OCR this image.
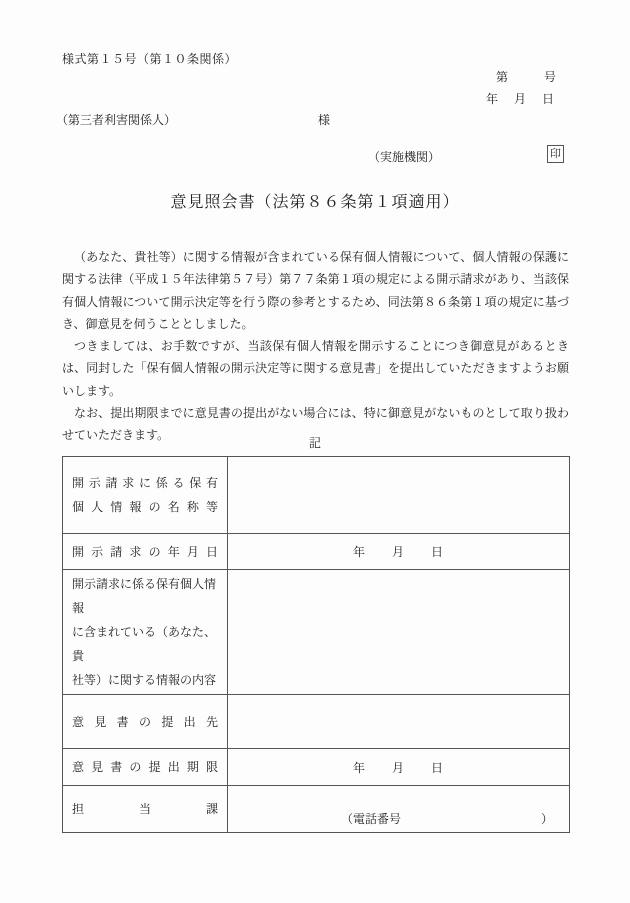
様式第１５号（第１０条関係）
第　　　号
年　月　日
（第三者利害関係人）	様
（実施機関）	印
意見照会書（法第８６条第１項適用）

（あなた、貴社等）に関する情報が含まれている保有個人情報について、個人情報の保護に関する法律（平成１５年法律第５７号）第７７条第１項の規定による開示請求があり、当該保有個人情報について開示決定等を行う際の参考とするため、同法第８６条第１項の規定に基づき、御意見を伺うこととしました。

つきましては、お手数ですが、当該保有個人情報を開示することにつき御意見があるときは、同封した「保有個人情報の開示決定等に関する意見書」を提出していただきますようお願いします。

なお、提出期限までに意見書の提出がない場合には、特に御意見がないものとして取り扱わせていただきます。

記
開示請求に係る保有
個人情報の名称等	

開示請求の年月日	年　　月　　日

開示請求に係る保有個人情報
に含まれている（あなた、貴
社等）に関する情報の内容	

意見書の提出先	
意見書の提出期限	年　　月　　日
担当課	（電話番号 ）
